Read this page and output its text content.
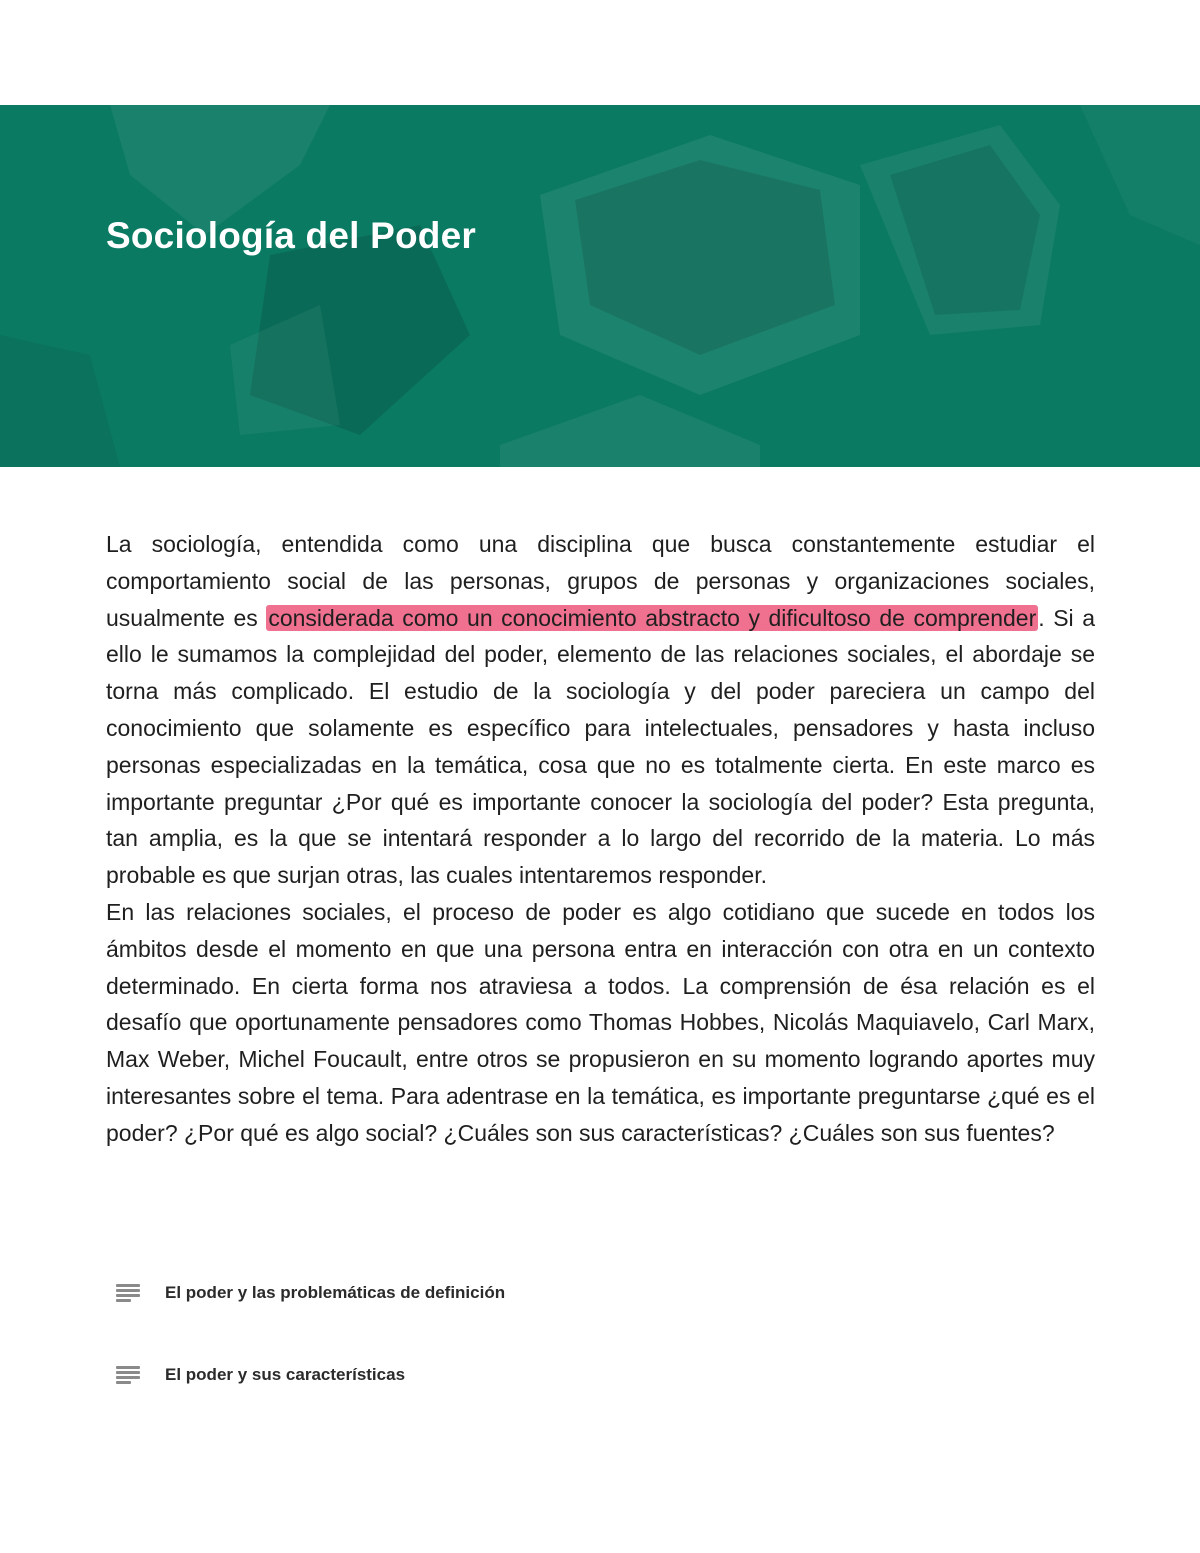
Sociología del Poder

La sociología, entendida como una disciplina que busca constantemente estudiar el comportamiento social de las personas, grupos de personas y organizaciones sociales, usualmente es considerada como un conocimiento abstracto y dificultoso de comprender. Si a ello le sumamos la complejidad del poder, elemento de las relaciones sociales, el abordaje se torna más complicado. El estudio de la sociología y del poder pareciera un campo del conocimiento que solamente es específico para intelectuales, pensadores y hasta incluso personas especializadas en la temática, cosa que no es totalmente cierta. En este marco es importante preguntar ¿Por qué es importante conocer la sociología del poder? Esta pregunta, tan amplia, es la que se intentará responder a lo largo del recorrido de la materia. Lo más probable es que surjan otras, las cuales intentaremos responder.

En las relaciones sociales, el proceso de poder es algo cotidiano que sucede en todos los ámbitos desde el momento en que una persona entra en interacción con otra en un contexto determinado. En cierta forma nos atraviesa a todos. La comprensión de ésa relación es el desafío que oportunamente pensadores como Thomas Hobbes, Nicolás Maquiavelo, Carl Marx, Max Weber, Michel Foucault, entre otros se propusieron en su momento logrando aportes muy interesantes sobre el tema. Para adentrase en la temática, es importante preguntarse ¿qué es el poder? ¿Por qué es algo social? ¿Cuáles son sus características? ¿Cuáles son sus fuentes?

El poder y las problemáticas de definición
El poder y sus características
